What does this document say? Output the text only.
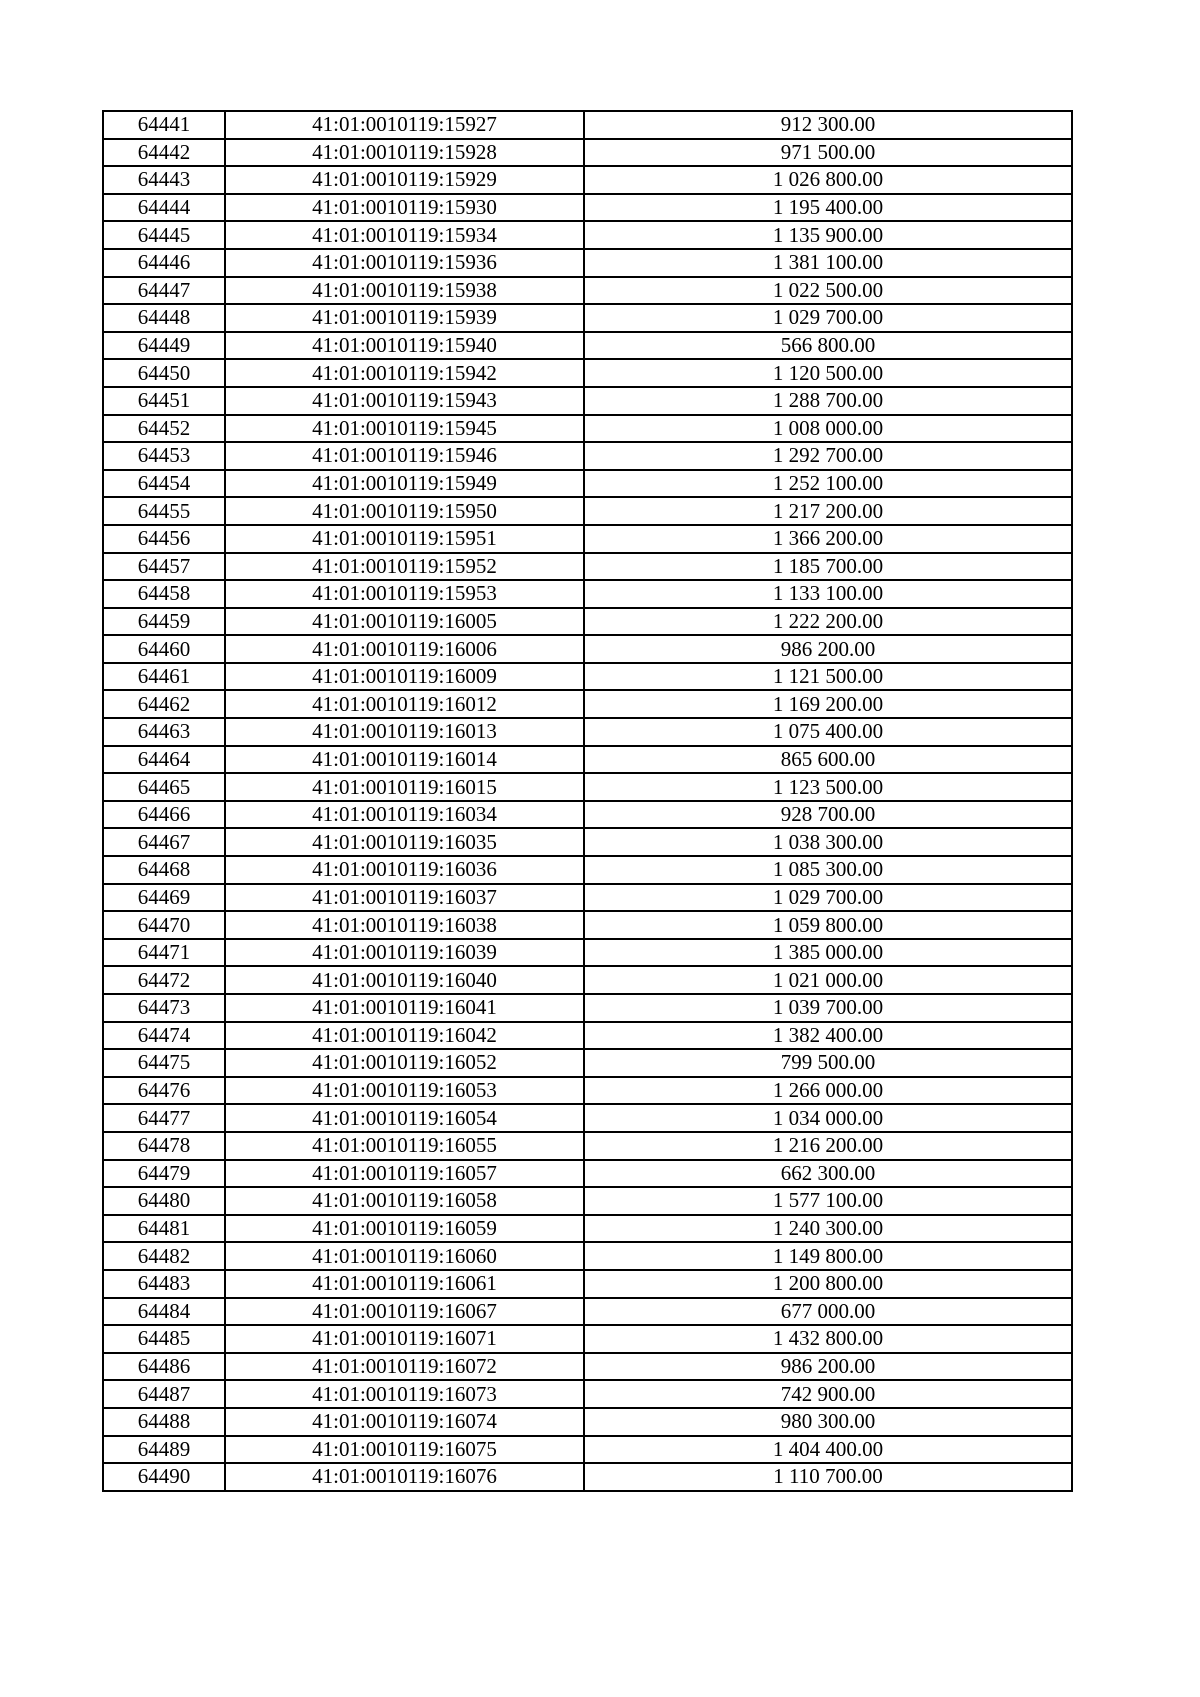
64441	41:01:0010119:15927	912 300.00
64442	41:01:0010119:15928	971 500.00
64443	41:01:0010119:15929	1 026 800.00
64444	41:01:0010119:15930	1 195 400.00
64445	41:01:0010119:15934	1 135 900.00
64446	41:01:0010119:15936	1 381 100.00
64447	41:01:0010119:15938	1 022 500.00
64448	41:01:0010119:15939	1 029 700.00
64449	41:01:0010119:15940	566 800.00
64450	41:01:0010119:15942	1 120 500.00
64451	41:01:0010119:15943	1 288 700.00
64452	41:01:0010119:15945	1 008 000.00
64453	41:01:0010119:15946	1 292 700.00
64454	41:01:0010119:15949	1 252 100.00
64455	41:01:0010119:15950	1 217 200.00
64456	41:01:0010119:15951	1 366 200.00
64457	41:01:0010119:15952	1 185 700.00
64458	41:01:0010119:15953	1 133 100.00
64459	41:01:0010119:16005	1 222 200.00
64460	41:01:0010119:16006	986 200.00
64461	41:01:0010119:16009	1 121 500.00
64462	41:01:0010119:16012	1 169 200.00
64463	41:01:0010119:16013	1 075 400.00
64464	41:01:0010119:16014	865 600.00
64465	41:01:0010119:16015	1 123 500.00
64466	41:01:0010119:16034	928 700.00
64467	41:01:0010119:16035	1 038 300.00
64468	41:01:0010119:16036	1 085 300.00
64469	41:01:0010119:16037	1 029 700.00
64470	41:01:0010119:16038	1 059 800.00
64471	41:01:0010119:16039	1 385 000.00
64472	41:01:0010119:16040	1 021 000.00
64473	41:01:0010119:16041	1 039 700.00
64474	41:01:0010119:16042	1 382 400.00
64475	41:01:0010119:16052	799 500.00
64476	41:01:0010119:16053	1 266 000.00
64477	41:01:0010119:16054	1 034 000.00
64478	41:01:0010119:16055	1 216 200.00
64479	41:01:0010119:16057	662 300.00
64480	41:01:0010119:16058	1 577 100.00
64481	41:01:0010119:16059	1 240 300.00
64482	41:01:0010119:16060	1 149 800.00
64483	41:01:0010119:16061	1 200 800.00
64484	41:01:0010119:16067	677 000.00
64485	41:01:0010119:16071	1 432 800.00
64486	41:01:0010119:16072	986 200.00
64487	41:01:0010119:16073	742 900.00
64488	41:01:0010119:16074	980 300.00
64489	41:01:0010119:16075	1 404 400.00
64490	41:01:0010119:16076	1 110 700.00
